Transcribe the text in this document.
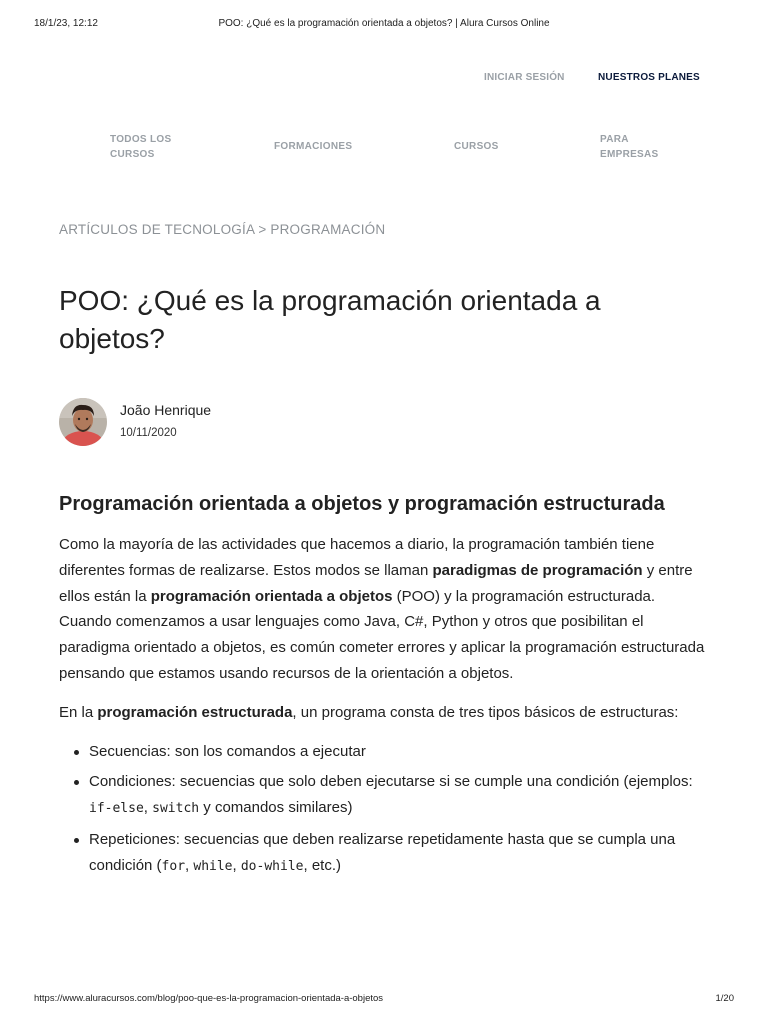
18/1/23, 12:12	POO: ¿Qué es la programación orientada a objetos? | Alura Cursos Online
INICIAR SESIÓN	NUESTROS PLANES
TODOS LOS
CURSOS
FORMACIONES	CURSOS
PARA
EMPRESAS
ARTÍCULOS DE TECNOLOGÍA > PROGRAMACIÓN
POO: ¿Qué es la programación orientada a objetos?
João Henrique
10/11/2020
Programación orientada a objetos y programación estructurada

Como la mayoría de las actividades que hacemos a diario, la programación también tiene diferentes formas de realizarse. Estos modos se llaman paradigmas de programación y entre ellos están la programación orientada a objetos (POO) y la programación estructurada. Cuando comenzamos a usar lenguajes como Java, C#, Python y otros que posibilitan el paradigma orientado a objetos, es común cometer errores y aplicar la programación estructurada pensando que estamos usando recursos de la orientación a objetos.

En la programación estructurada, un programa consta de tres tipos básicos de estructuras:

Secuencias: son los comandos a ejecutar
Condiciones: secuencias que solo deben ejecutarse si se cumple una condición (ejemplos: if-else, switch y comandos similares)
Repeticiones: secuencias que deben realizarse repetidamente hasta que se cumpla una condición (for, while, do-while, etc.)
https://www.aluracursos.com/blog/poo-que-es-la-programacion-orientada-a-objetos	1/20
